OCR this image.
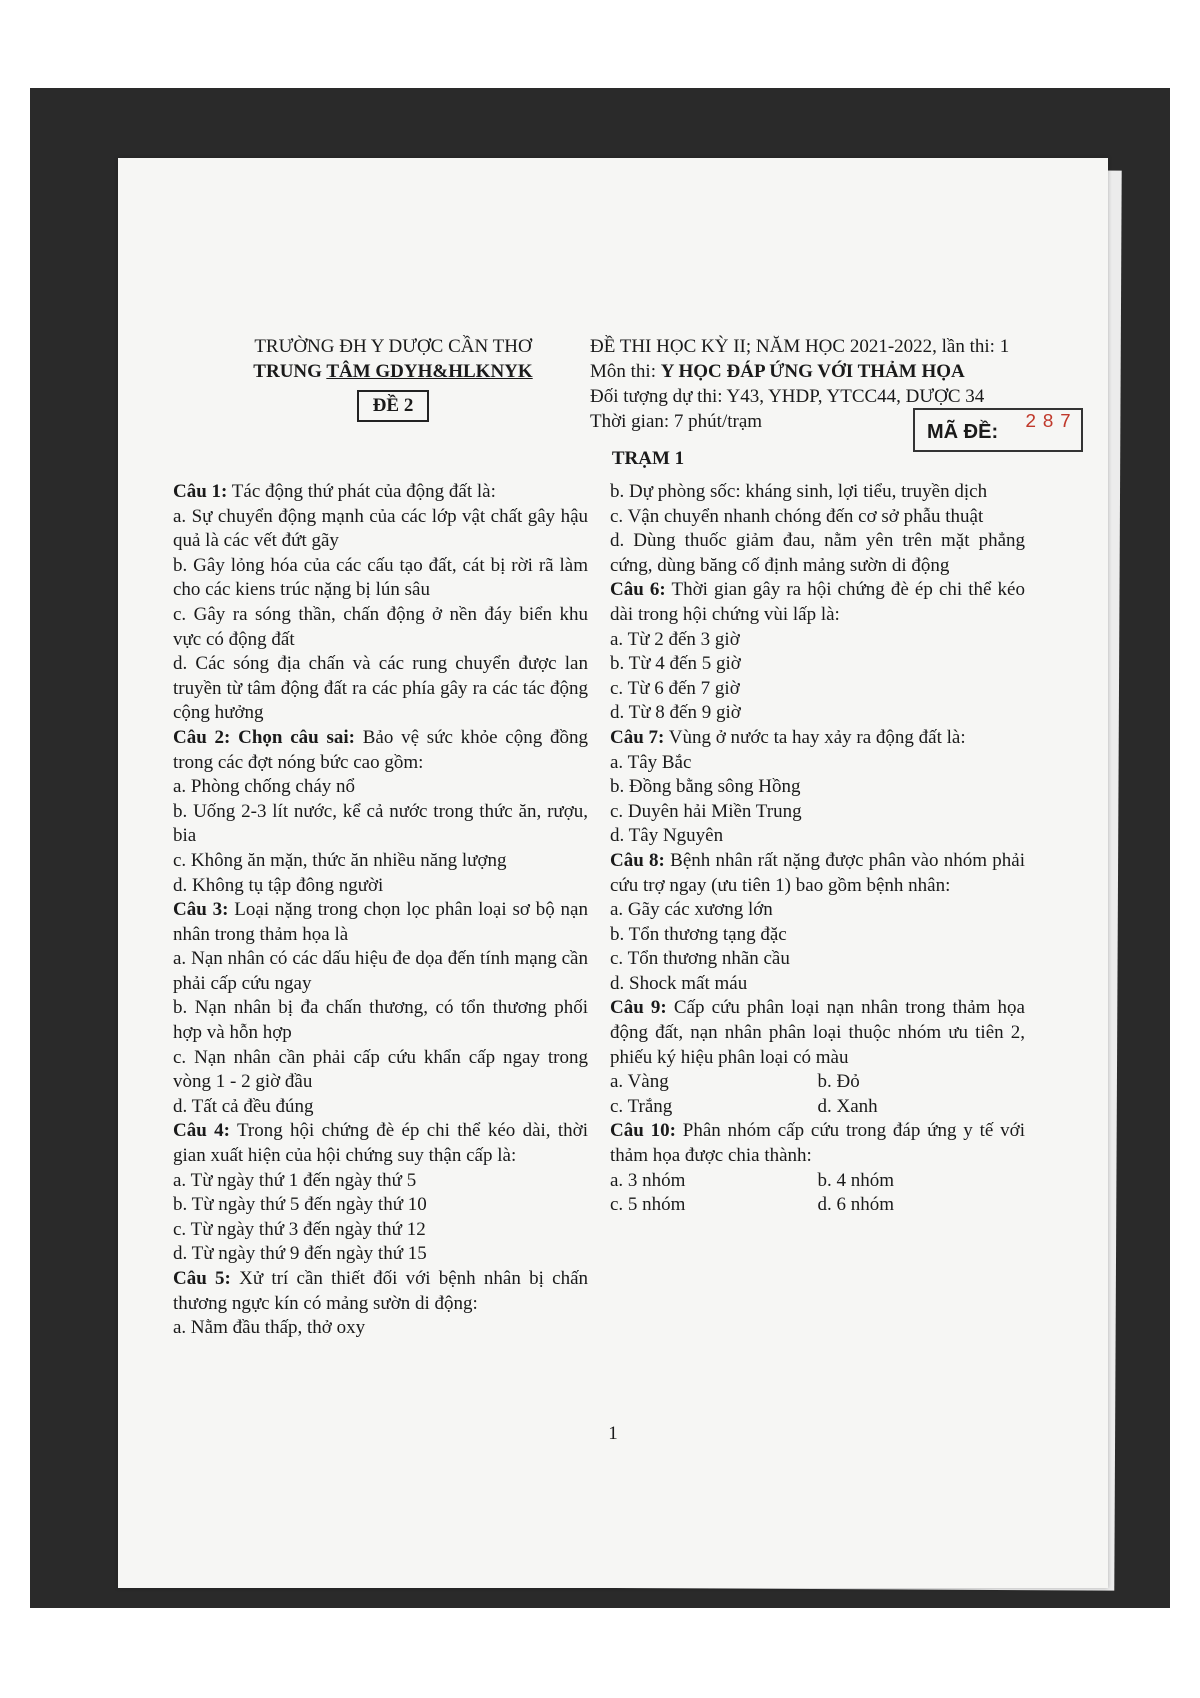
TRƯỜNG ĐH Y DƯỢC CẦN THƠ
TRUNG TÂM GDYH&HLKNYK
ĐỀ 2
ĐỀ THI HỌC KỲ II; NĂM HỌC 2021-2022, lần thi: 1
Môn thi: Y HỌC ĐÁP ỨNG VỚI THẢM HỌA
Đối tượng dự thi: Y43, YHDP, YTCC44, DƯỢC 34
Thời gian: 7 phút/trạm	MÃ ĐỀ: 287
TRẠM 1
Câu 1: Tác động thứ phát của động đất là:
a. Sự chuyển động mạnh của các lớp vật chất gây hậu quả là các vết đứt gãy
b. Gây lỏng hóa của các cấu tạo đất, cát bị rời rã làm cho các kiens trúc nặng bị lún sâu
c. Gây ra sóng thần, chấn động ở nền đáy biển khu vực có động đất
d. Các sóng địa chấn và các rung chuyển được lan truyền từ tâm động đất ra các phía gây ra các tác động cộng hưởng
Câu 2: Chọn câu sai: Bảo vệ sức khỏe cộng đồng trong các đợt nóng bức cao gồm:
a. Phòng chống cháy nổ
b. Uống 2-3 lít nước, kể cả nước trong thức ăn, rượu, bia
c. Không ăn mặn, thức ăn nhiều năng lượng
d. Không tụ tập đông người
Câu 3: Loại nặng trong chọn lọc phân loại sơ bộ nạn nhân trong thảm họa là
a. Nạn nhân có các dấu hiệu đe dọa đến tính mạng cần phải cấp cứu ngay
b. Nạn nhân bị đa chấn thương, có tổn thương phối hợp và hỗn hợp
c. Nạn nhân cần phải cấp cứu khẩn cấp ngay trong vòng 1 - 2 giờ đầu
d. Tất cả đều đúng
Câu 4: Trong hội chứng đè ép chi thể kéo dài, thời gian xuất hiện của hội chứng suy thận cấp là:
a. Từ ngày thứ 1 đến ngày thứ 5
b. Từ ngày thứ 5 đến ngày thứ 10
c. Từ ngày thứ 3 đến ngày thứ 12
d. Từ ngày thứ 9 đến ngày thứ 15
Câu 5: Xử trí cần thiết đối với bệnh nhân bị chấn thương ngực kín có mảng sườn di động:
a. Nằm đầu thấp, thở oxy
b. Dự phòng sốc: kháng sinh, lợi tiểu, truyền dịch
c. Vận chuyển nhanh chóng đến cơ sở phẫu thuật
d. Dùng thuốc giảm đau, nằm yên trên mặt phẳng cứng, dùng băng cố định mảng sườn di động
Câu 6: Thời gian gây ra hội chứng đè ép chi thể kéo dài trong hội chứng vùi lấp là:
a. Từ 2 đến 3 giờ
b. Từ 4 đến 5 giờ
c. Từ 6 đến 7 giờ
d. Từ 8 đến 9 giờ
Câu 7: Vùng ở nước ta hay xảy ra động đất là:
a. Tây Bắc
b. Đồng bằng sông Hồng
c. Duyên hải Miền Trung
d. Tây Nguyên
Câu 8: Bệnh nhân rất nặng được phân vào nhóm phải cứu trợ ngay (ưu tiên 1) bao gồm bệnh nhân:
a. Gãy các xương lớn
b. Tổn thương tạng đặc
c. Tổn thương nhãn cầu
d. Shock mất máu
Câu 9: Cấp cứu phân loại nạn nhân trong thảm họa động đất, nạn nhân phân loại thuộc nhóm ưu tiên 2, phiếu ký hiệu phân loại có màu
a. Vàng	b. Đỏ
c. Trắng	d. Xanh
Câu 10: Phân nhóm cấp cứu trong đáp ứng y tế với thảm họa được chia thành:
a. 3 nhóm	b. 4 nhóm
c. 5 nhóm	d. 6 nhóm
1
